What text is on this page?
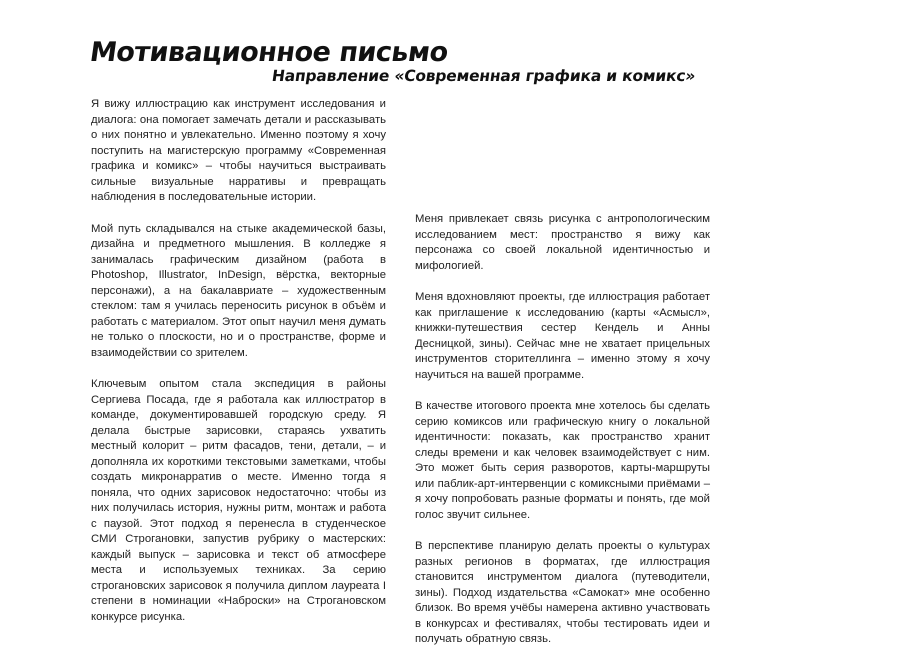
Мотивационное письмо
Направление «Современная графика и комикс»

Я вижу иллюстрацию как инструмент исследования и диалога: она помогает замечать детали и рассказывать о них понятно и увлекательно. Именно поэтому я хочу поступить на магистерскую программу «Современная графика и комикс» – чтобы научиться выстраивать сильные визуальные нарративы и превращать наблюдения в последовательные истории.

Мой путь складывался на стыке академической базы, дизайна и предметного мышления. В колледже я занималась графическим дизайном (работа в Photoshop, Illustrator, InDesign, вёрстка, векторные персонажи), а на бакалавриате – художественным стеклом: там я училась переносить рисунок в объём и работать с материалом. Этот опыт научил меня думать не только о плоскости, но и о пространстве, форме и взаимодействии со зрителем.

Ключевым опытом стала экспедиция в районы Сергиева Посада, где я работала как иллюстратор в команде, документировавшей городскую среду. Я делала быстрые зарисовки, стараясь ухватить местный колорит – ритм фасадов, тени, детали, – и дополняла их короткими текстовыми заметками, чтобы создать микронарратив о месте. Именно тогда я поняла, что одних зарисовок недостаточно: чтобы из них получилась история, нужны ритм, монтаж и работа с паузой. Этот подход я перенесла в студенческое СМИ Строгановки, запустив рубрику о мастерских: каждый выпуск – зарисовка и текст об атмосфере места и используемых техниках. За серию строгановских зарисовок я получила диплом лауреата I степени в номинации «Наброски» на Строгановском конкурсе рисунка.

Меня привлекает связь рисунка с антропологическим исследованием мест: пространство я вижу как персонажа со своей локальной идентичностью и мифологией.

Меня вдохновляют проекты, где иллюстрация работает как приглашение к исследованию (карты «Асмысл», книжки-путешествия сестер Кендель и Анны Десницкой, зины). Сейчас мне не хватает прицельных инструментов сторителлинга – именно этому я хочу научиться на вашей программе.

В качестве итогового проекта мне хотелось бы сделать серию комиксов или графическую книгу о локальной идентичности: показать, как пространство хранит следы времени и как человек взаимодействует с ним. Это может быть серия разворотов, карты-маршруты или паблик-арт-интервенции с комиксными приёмами – я хочу попробовать разные форматы и понять, где мой голос звучит сильнее.

В перспективе планирую делать проекты о культурах разных регионов в форматах, где иллюстрация становится инструментом диалога (путеводители, зины). Подход издательства «Самокат» мне особенно близок. Во время учёбы намерена активно участвовать в конкурсах и фестивалях, чтобы тестировать идеи и получать обратную связь.
